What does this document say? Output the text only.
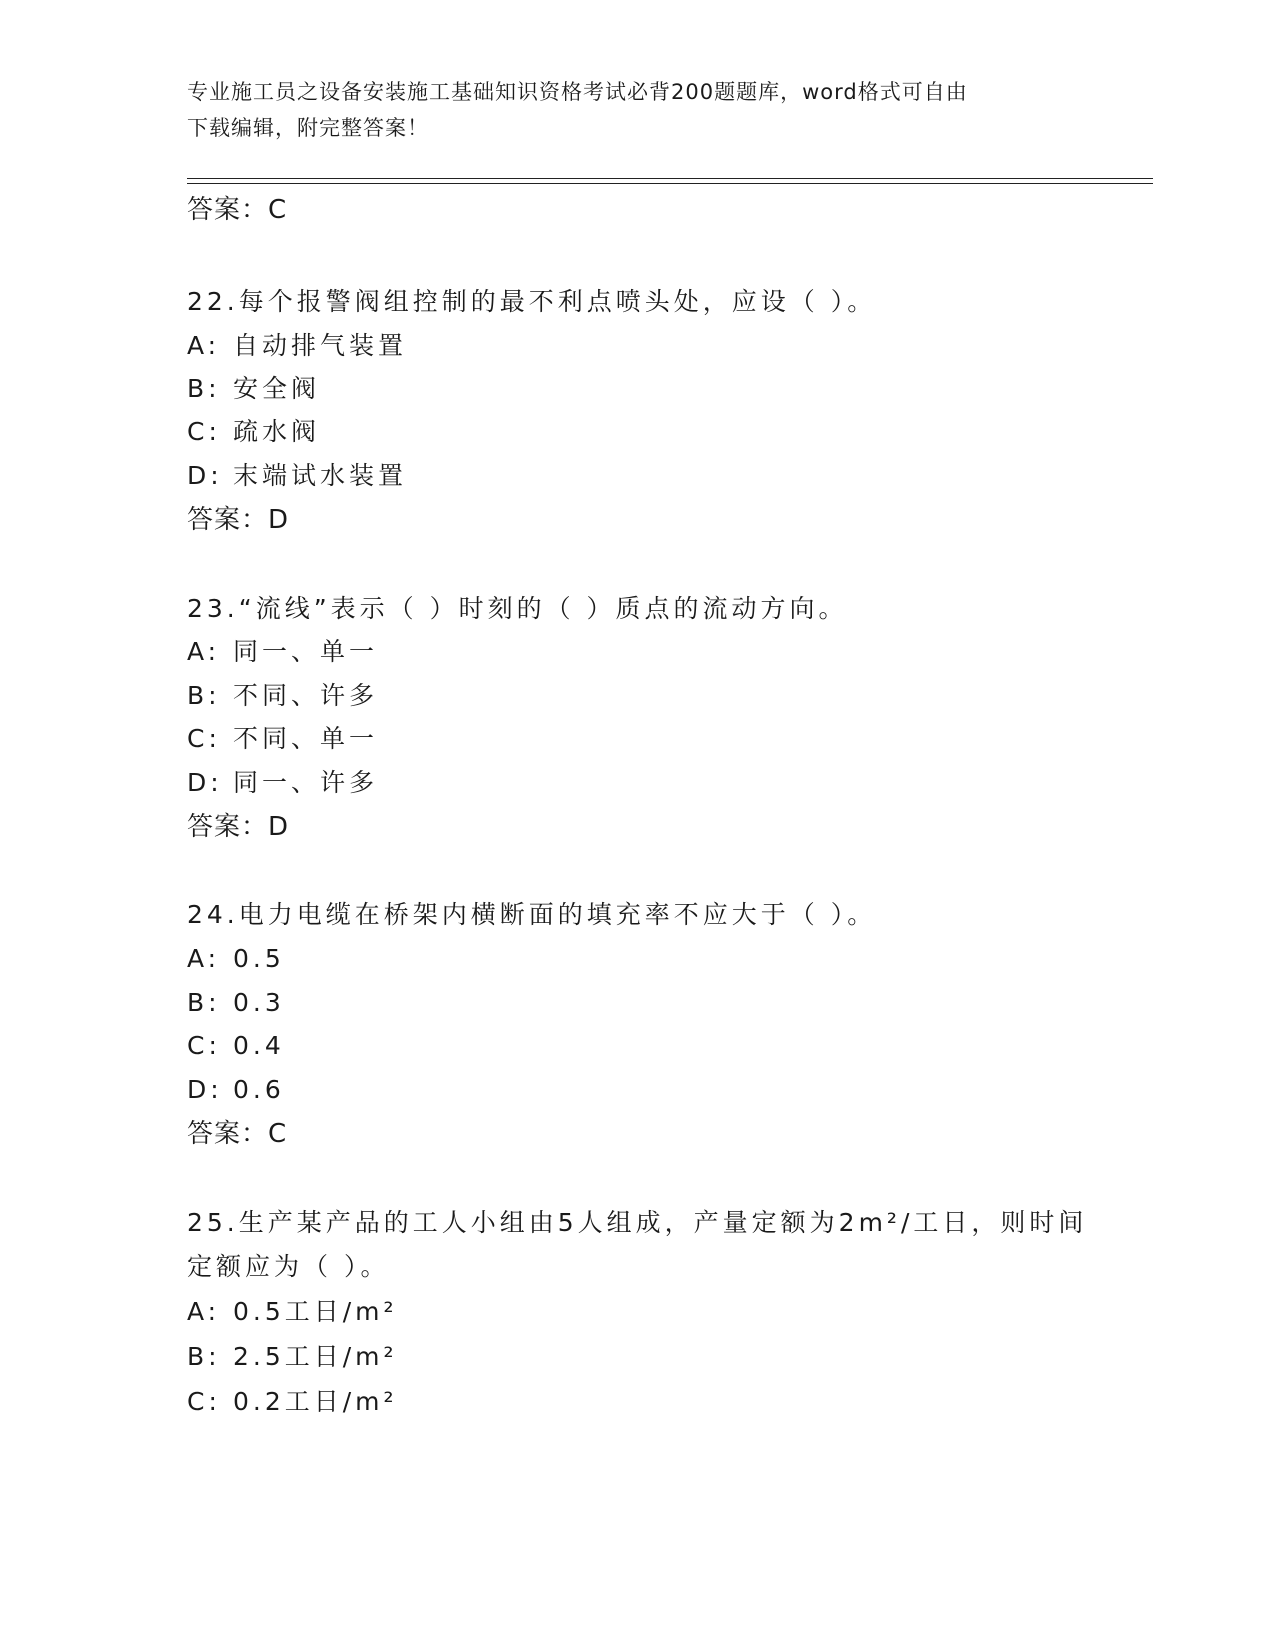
专业施工员之设备安装施工基础知识资格考试必背200题题库，word格式可自由
下载编辑，附完整答案！
答案：C
22.每个报警阀组控制的最不利点喷头处，应设（ ）。
A: 自动排气装置
B: 安全阀
C: 疏水阀
D: 末端试水装置
答案：D
23.“流线”表示（ ）时刻的（ ）质点的流动方向。
A: 同一、单一
B: 不同、许多
C: 不同、单一
D: 同一、许多
答案：D
24.电力电缆在桥架内横断面的填充率不应大于（ ）。
A: 0.5
B: 0.3
C: 0.4
D: 0.6
答案：C
25.生产某产品的工人小组由5人组成，产量定额为2m²/工日，则时间
定额应为（ ）。
A: 0.5工日/m²
B: 2.5工日/m²
C: 0.2工日/m²
